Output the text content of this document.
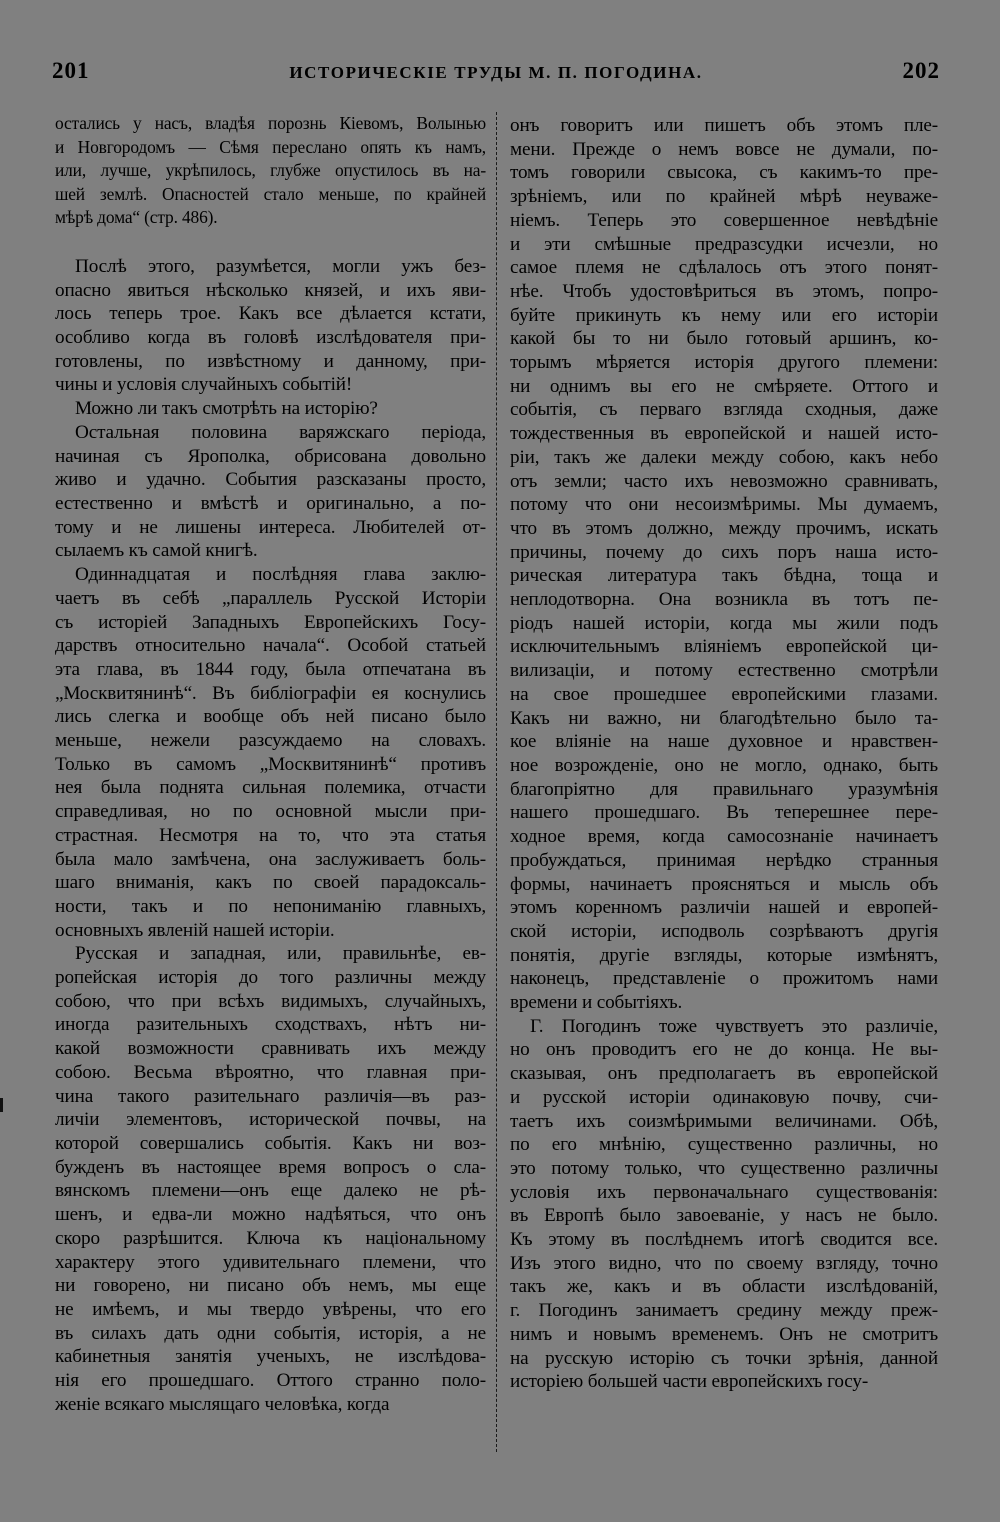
201	ИСТОРИЧЕСКІЕ ТРУДЫ М. П. ПОГОДИНА.	202

остались у насъ, владѣя порознь Кіевомъ, Волынью
и Новгородомъ — Сѣмя переслано опять къ намъ,
или, лучше, укрѣпилось, глубже опустилось въ на-
шей землѣ. Опасностей стало меньше, по крайней
мѣрѣ дома“ (стр. 486).

Послѣ этого, разумѣется, могли ужъ без-
опасно явиться нѣсколько князей, и ихъ яви-
лось теперь трое. Какъ все дѣлается кстати,
особливо когда въ головѣ изслѣдователя при-
готовлены, по извѣстному и данному, при-
чины и условія случайныхъ событій!

Можно ли такъ смотрѣть на исторію?

Остальная половина варяжскаго періода,
начиная съ Ярополка, обрисована довольно
живо и удачно. События разсказаны просто,
естественно и вмѣстѣ и оригинально, а по-
тому и не лишены интереса. Любителей от-
сылаемъ къ самой книгѣ.

Одиннадцатая и послѣдняя глава заклю-
чаетъ въ себѣ „параллель Русской Исторіи
съ исторіей Западныхъ Европейскихъ Госу-
дарствъ относительно начала“. Особой статьей
эта глава, въ 1844 году, была отпечатана въ
„Москвитянинѣ“. Въ библіографіи ея коснулись
лись слегка и вообще объ ней писано было
меньше, нежели разсуждаемо на словахъ.
Только въ самомъ „Москвитянинѣ“ противъ
нея была поднята сильная полемика, отчасти
справедливая, но по основной мысли при-
страстная. Несмотря на то, что эта статья
была мало замѣчена, она заслуживаетъ боль-
шаго вниманія, какъ по своей парадоксаль-
ности, такъ и по непониманію главныхъ,
основныхъ явленій нашей исторіи.

Русская и западная, или, правильнѣе, ев-
ропейская исторія до того различны между
собою, что при всѣхъ видимыхъ, случайныхъ,
иногда разительныхъ сходствахъ, нѣтъ ни-
какой возможности сравнивать ихъ между
собою. Весьма вѣроятно, что главная при-
чина такого разительнаго различія—въ раз-
личіи элементовъ, исторической почвы, на
которой совершались событія. Какъ ни воз-
бужденъ въ настоящее время вопросъ о сла-
вянскомъ племени—онъ еще далеко не рѣ-
шенъ, и едва-ли можно надѣяться, что онъ
скоро разрѣшится. Ключа къ національному
характеру этого удивительнаго племени, что
ни говорено, ни писано объ немъ, мы еще
не имѣемъ, и мы твердо увѣрены, что его
въ силахъ дать одни событія, исторія, а не
кабинетныя занятія ученыхъ, не изслѣдова-
нія его прошедшаго. Оттого странно поло-
женіе всякаго мыслящаго человѣка, когда

онъ говоритъ или пишетъ объ этомъ пле-
мени. Прежде о немъ вовсе не думали, по-
томъ говорили свысока, съ какимъ-то пре-
зрѣніемъ, или по крайней мѣрѣ неуваже-
ніемъ. Теперь это совершенное невѣдѣніе
и эти смѣшные предразсудки исчезли, но
самое племя не сдѣлалось отъ этого понят-
нѣе. Чтобъ удостовѣриться въ этомъ, попро-
буйте прикинуть къ нему или его исторіи
какой бы то ни было готовый аршинъ, ко-
торымъ мѣряется исторія другого племени:
ни однимъ вы его не смѣряете. Оттого и
событія, съ перваго взгляда сходныя, даже
тождественныя въ европейской и нашей исто-
ріи, такъ же далеки между собою, какъ небо
отъ земли; часто ихъ невозможно сравнивать,
потому что они несоизмѣримы. Мы думаемъ,
что въ этомъ должно, между прочимъ, искать
причины, почему до сихъ поръ наша исто-
рическая литература такъ бѣдна, тоща и
неплодотворна. Она возникла въ тотъ пе-
ріодъ нашей исторіи, когда мы жили подъ
исключительнымъ вліяніемъ европейской ци-
вилизаціи, и потому естественно смотрѣли
на свое прошедшее европейскими глазами.
Какъ ни важно, ни благодѣтельно было та-
кое вліяніе на наше духовное и нравствен-
ное возрожденіе, оно не могло, однако, быть
благопріятно для правильнаго уразумѣнія
нашего прошедшаго. Въ теперешнее пере-
ходное время, когда самосознаніе начинаетъ
пробуждаться, принимая нерѣдко странныя
формы, начинаетъ проясняться и мысль объ
этомъ коренномъ различіи нашей и европей-
ской исторіи, исподволь созрѣваютъ другія
понятія, другіе взгляды, которые измѣнятъ,
наконецъ, представленіе о прожитомъ нами
времени и событіяхъ.

Г. Погодинъ тоже чувствуетъ это различіе,
но онъ проводитъ его не до конца. Не вы-
сказывая, онъ предполагаетъ въ европейской
и русской исторіи одинаковую почву, счи-
таетъ ихъ соизмѣримыми величинами. Обѣ,
по его мнѣнію, существенно различны, но
это потому только, что существенно различны
условія ихъ первоначальнаго существованія:
въ Европѣ было завоеваніе, у насъ не было.
Къ этому въ послѣднемъ итогѣ сводится все.
Изъ этого видно, что по своему взгляду, точно
такъ же, какъ и въ области изслѣдованій,
г. Погодинъ занимаетъ средину между преж-
нимъ и новымъ временемъ. Онъ не смотритъ
на русскую исторію съ точки зрѣнія, данной
исторіею большей части европейскихъ госу-
